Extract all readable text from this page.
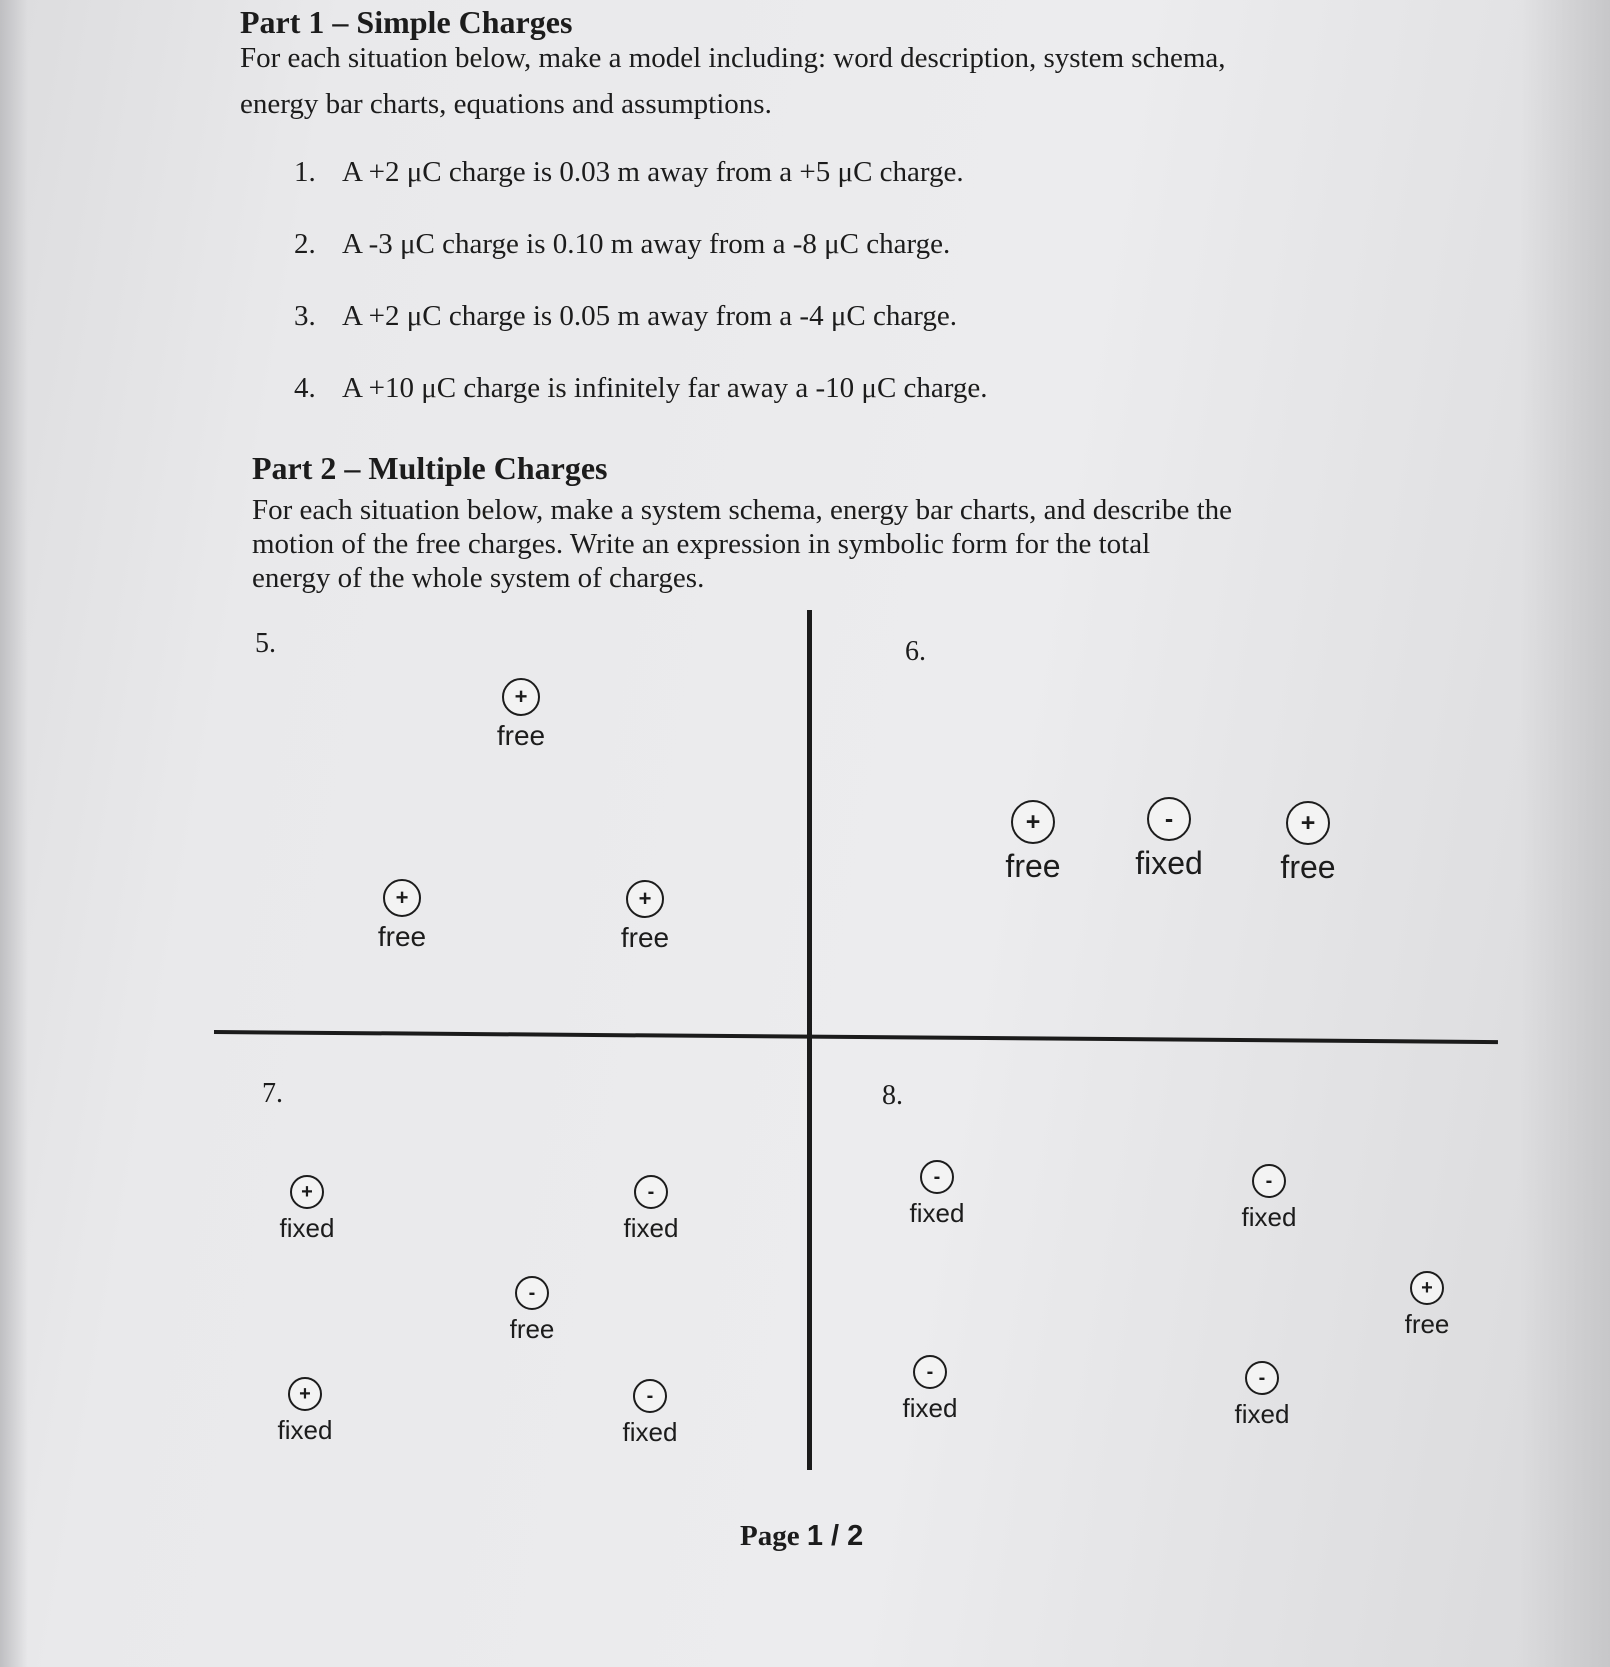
Part 1 – Simple Charges
For each situation below, make a model including: word description, system schema,
energy bar charts, equations and assumptions.
1. A +2 μC charge is 0.03 m away from a +5 μC charge.
2. A -3 μC charge is 0.10 m away from a -8 μC charge.
3. A +2 μC charge is 0.05 m away from a -4 μC charge.
4. A +10 μC charge is infinitely far away a -10 μC charge.
Part 2 – Multiple Charges
For each situation below, make a system schema, energy bar charts, and describe the
motion of the free charges. Write an expression in symbolic form for the total
energy of the whole system of charges.
5.
+
free
+
free
+
free
6.
+
free
-
fixed
+
free
7.
+
fixed
-
fixed
-
free
+
fixed
-
fixed
8.
-
fixed
-
fixed
+
free
-
fixed
-
fixed
Page 1 / 2
